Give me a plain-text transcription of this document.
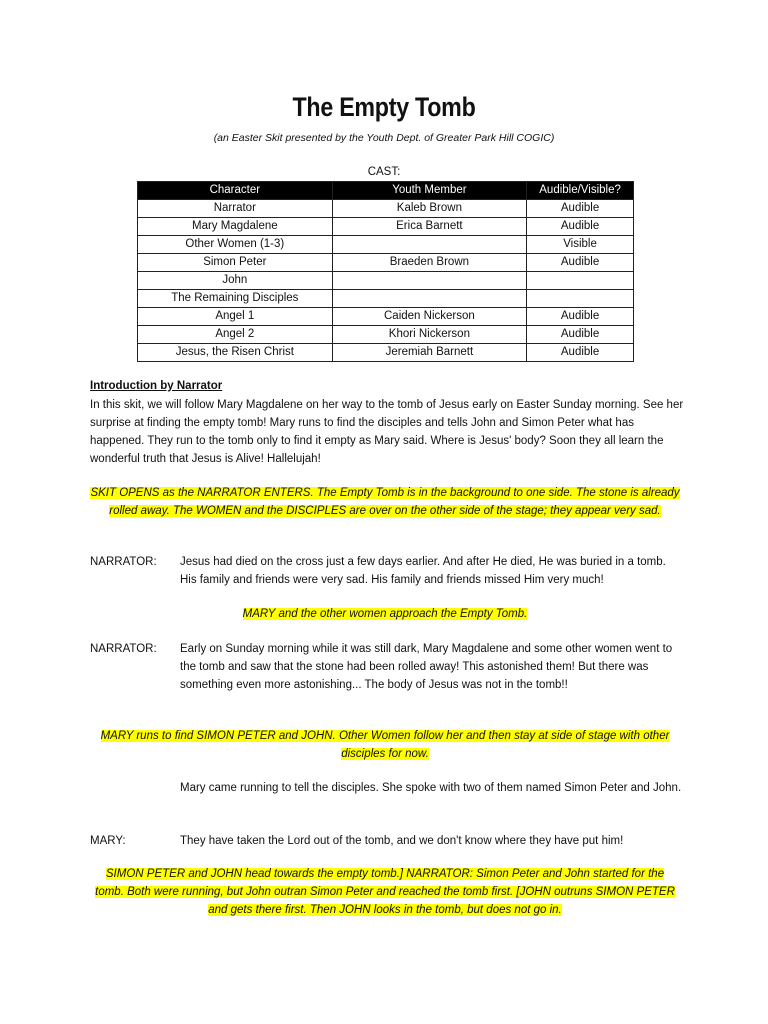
The Empty Tomb
(an Easter Skit presented by the Youth Dept. of Greater Park Hill COGIC)
CAST:
Character	Youth Member	Audible/Visible?
Narrator	Kaleb Brown	Audible
Mary Magdalene	Erica Barnett	Audible
Other Women (1-3)		Visible
Simon Peter	Braeden Brown	Audible
John		
The Remaining Disciples		
Angel 1	Caiden Nickerson	Audible
Angel 2	Khori Nickerson	Audible
Jesus, the Risen Christ	Jeremiah Barnett	Audible
Introduction by Narrator
In this skit, we will follow Mary Magdalene on her way to the tomb of Jesus early on Easter Sunday morning. See her surprise at finding the empty tomb! Mary runs to find the disciples and tells John and Simon Peter what has happened. They run to the tomb only to find it empty as Mary said. Where is Jesus' body? Soon they all learn the wonderful truth that Jesus is Alive! Hallelujah!
SKIT OPENS as the NARRATOR ENTERS. The Empty Tomb is in the background to one side. The stone is already rolled away. The WOMEN and the DISCIPLES are over on the other side of the stage; they appear very sad.
NARRATOR: Jesus had died on the cross just a few days earlier. And after He died, He was buried in a tomb. His family and friends were very sad. His family and friends missed Him very much!
MARY and the other women approach the Empty Tomb.
NARRATOR: Early on Sunday morning while it was still dark, Mary Magdalene and some other women went to the tomb and saw that the stone had been rolled away! This astonished them! But there was something even more astonishing... The body of Jesus was not in the tomb!!
MARY runs to find SIMON PETER and JOHN. Other Women follow her and then stay at side of stage with other disciples for now.
Mary came running to tell the disciples. She spoke with two of them named Simon Peter and John.
MARY:	They have taken the Lord out of the tomb, and we don't know where they have put him!
SIMON PETER and JOHN head towards the empty tomb.] NARRATOR: Simon Peter and John started for the tomb. Both were running, but John outran Simon Peter and reached the tomb first. [JOHN outruns SIMON PETER and gets there first. Then JOHN looks in the tomb, but does not go in.
